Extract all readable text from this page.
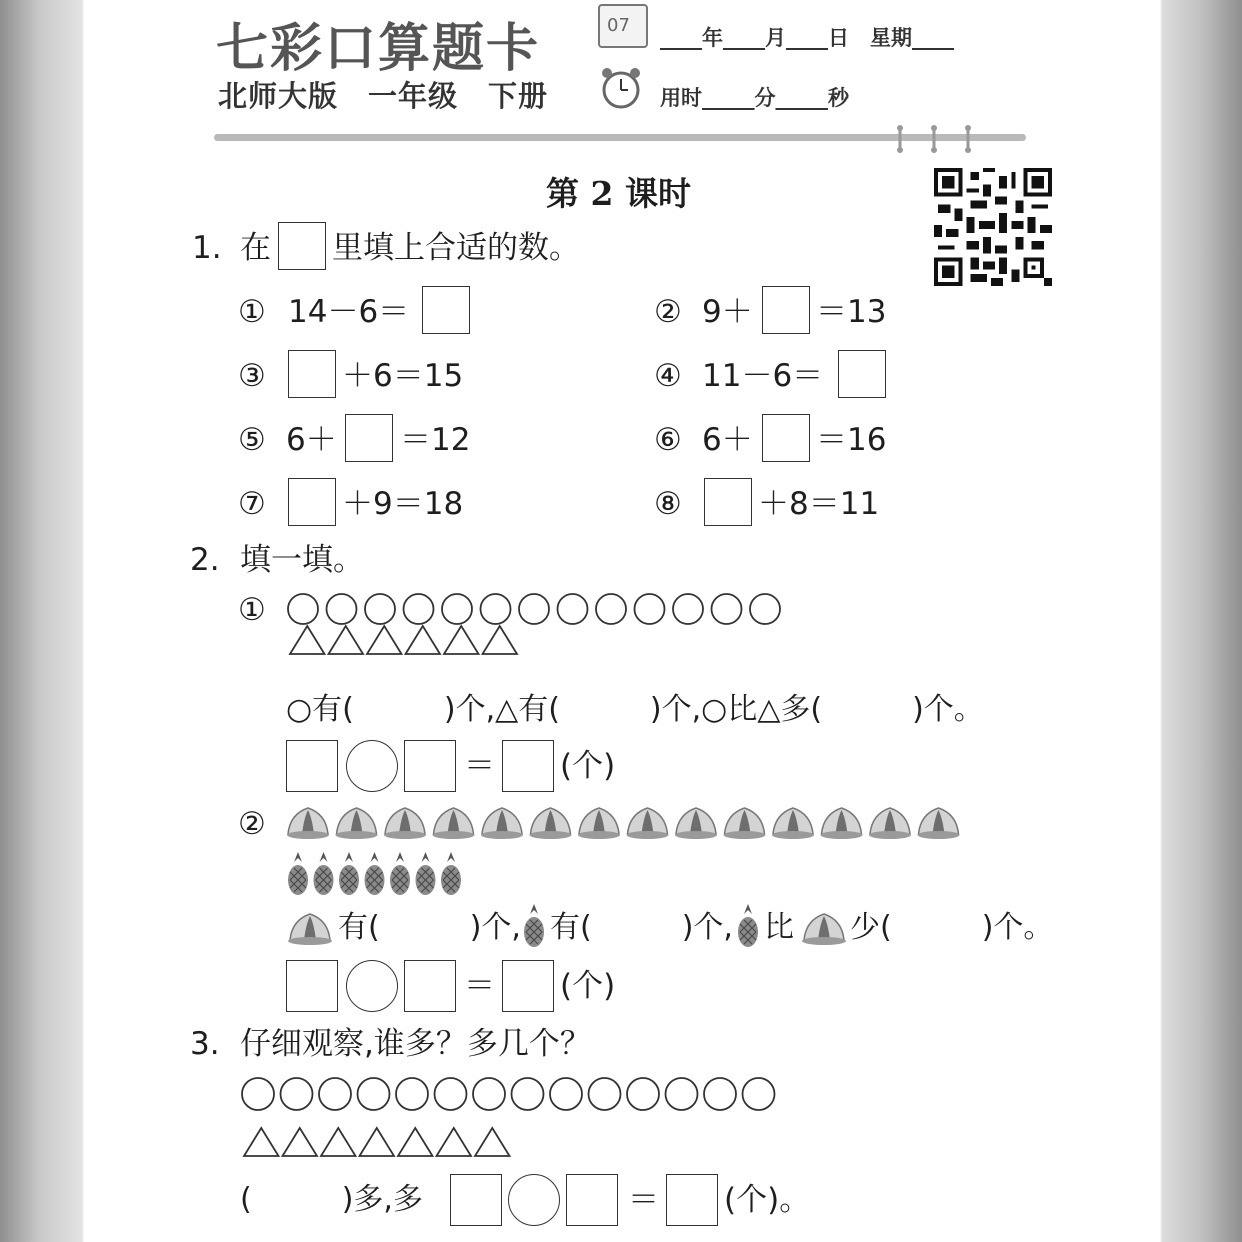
七彩口算题卡	07
____年____月____日　星期____
北师大版　一年级　下册	用时_____分_____秒
第 2 课时
1. 在 里填上合适的数。
① 14－6＝	② 9＋ ＝13
③ ＋6＝15	④ 11－6＝
⑤ 6＋ ＝12	⑥ 6＋ ＝16
⑦ ＋9＝18	⑧ ＋8＝11
2. 填一填。
①
○有(　　　)个,△有(　　　)个,○比△多(　　　)个。
＝ (个)
②
有(　　　)个, 有(　　　)个, 比 少(　　　)个。
＝ (个)
3. 仔细观察,谁多？多几个？
(　　　)多,多	＝ (个)。
